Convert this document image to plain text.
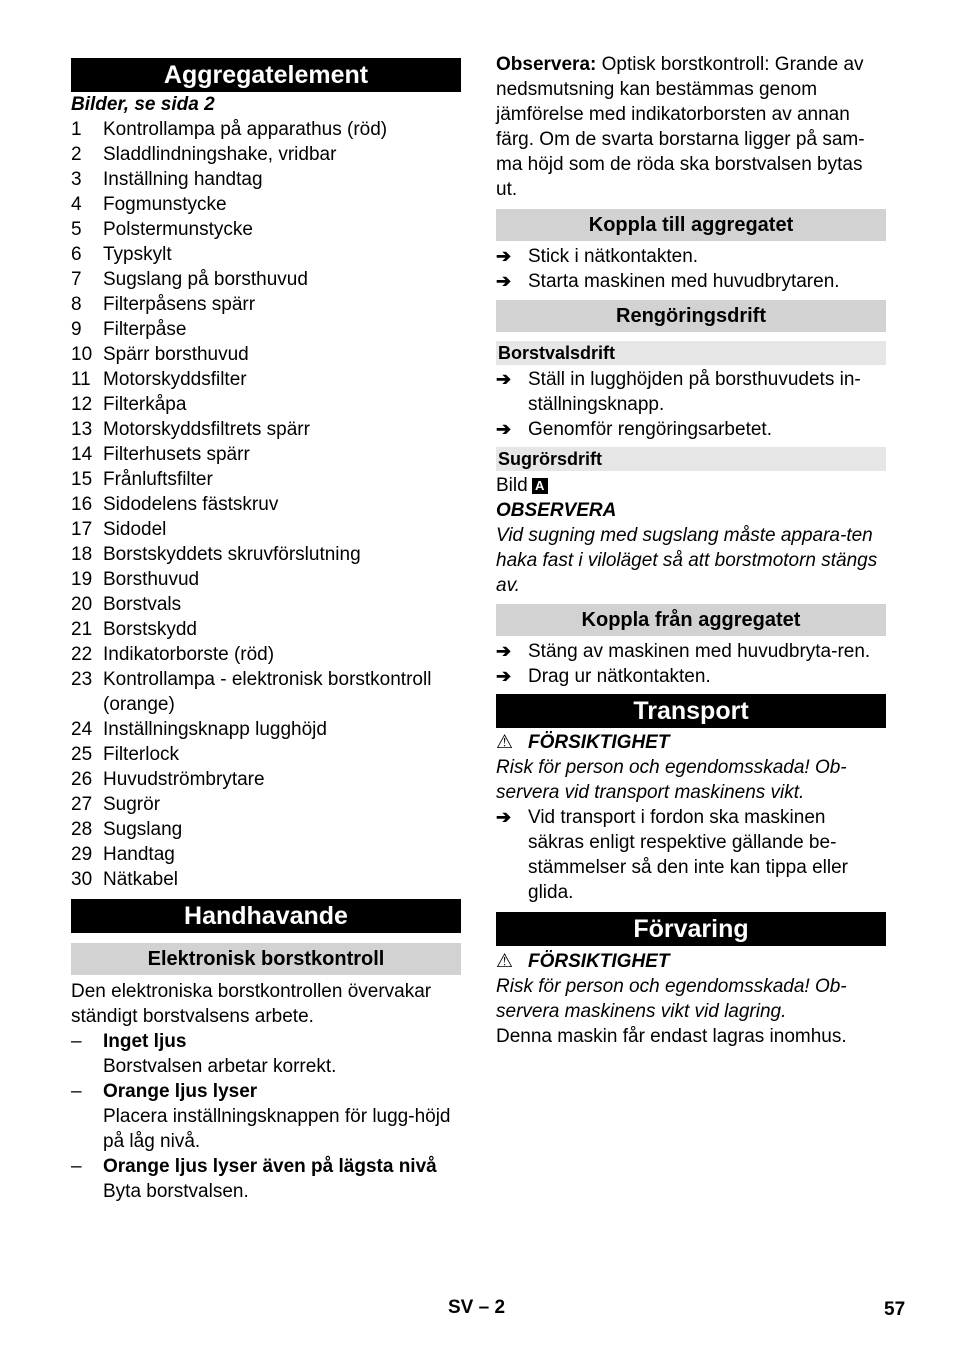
Aggregatelement

Bilder, se sida 2

1	Kontrollampa på apparathus (röd)
2	Sladdlindningshake, vridbar
3	Inställning handtag
4	Fogmunstycke
5	Polstermunstycke
6	Typskylt
7	Sugslang på borsthuvud
8	Filterpåsens spärr
9	Filterpåse
10 Spärr borsthuvud
11 Motorskyddsfilter
12 Filterkåpa
13 Motorskyddsfiltrets spärr
14 Filterhusets spärr
15 Frånluftsfilter
16 Sidodelens fästskruv
17 Sidodel
18 Borstskyddets skruvförslutning
19 Borsthuvud
20 Borstvals
21 Borstskydd
22 Indikatorborste (röd)
23 Kontrollampa - elektronisk borstkontroll (orange)
24 Inställningsknapp lugghöjd
25 Filterlock
26 Huvudströmbrytare
27 Sugrör
28 Sugslang
29 Handtag
30 Nätkabel
Handhavande
Elektronisk borstkontroll

Den elektroniska borstkontrollen övervakar ständigt borstvalsens arbete.

–	Inget ljus
Borstvalsen arbetar korrekt.
–	Orange ljus lyser
Placera inställningsknappen för lugg-höjd på låg nivå.
–	Orange ljus lyser även på lägsta nivå
Byta borstvalsen.

Observera: Optisk borstkontroll: Grande av nedsmutsning kan bestämmas genom jämförelse med indikatorborsten av annan färg. Om de svarta borstarna ligger på sam-ma höjd som de röda ska borstvalsen bytas ut.

Koppla till aggregatet
➔ Stick i nätkontakten.
➔ Starta maskinen med huvudbrytaren.
Rengöringsdrift
Borstvalsdrift
➔ Ställ in lugghöjden på borsthuvudets in-ställningsknapp.
➔ Genomför rengöringsarbetet.
Sugrörsdrift

Bild A

OBSERVERA

Vid sugning med sugslang måste appara-ten haka fast i viloläget så att borstmotorn stängs av.

Koppla från aggregatet
➔ Stäng av maskinen med huvudbryta-ren.
➔ Drag ur nätkontakten.
Transport
⚠ FÖRSIKTIGHET

Risk för person och egendomsskada! Ob-servera vid transport maskinens vikt.

➔ Vid transport i fordon ska maskinen säkras enligt respektive gällande be-stämmelser så den inte kan tippa eller glida.
Förvaring
⚠ FÖRSIKTIGHET

Risk för person och egendomsskada! Ob-servera maskinens vikt vid lagring.

Denna maskin får endast lagras inomhus.

SV – 2	57
